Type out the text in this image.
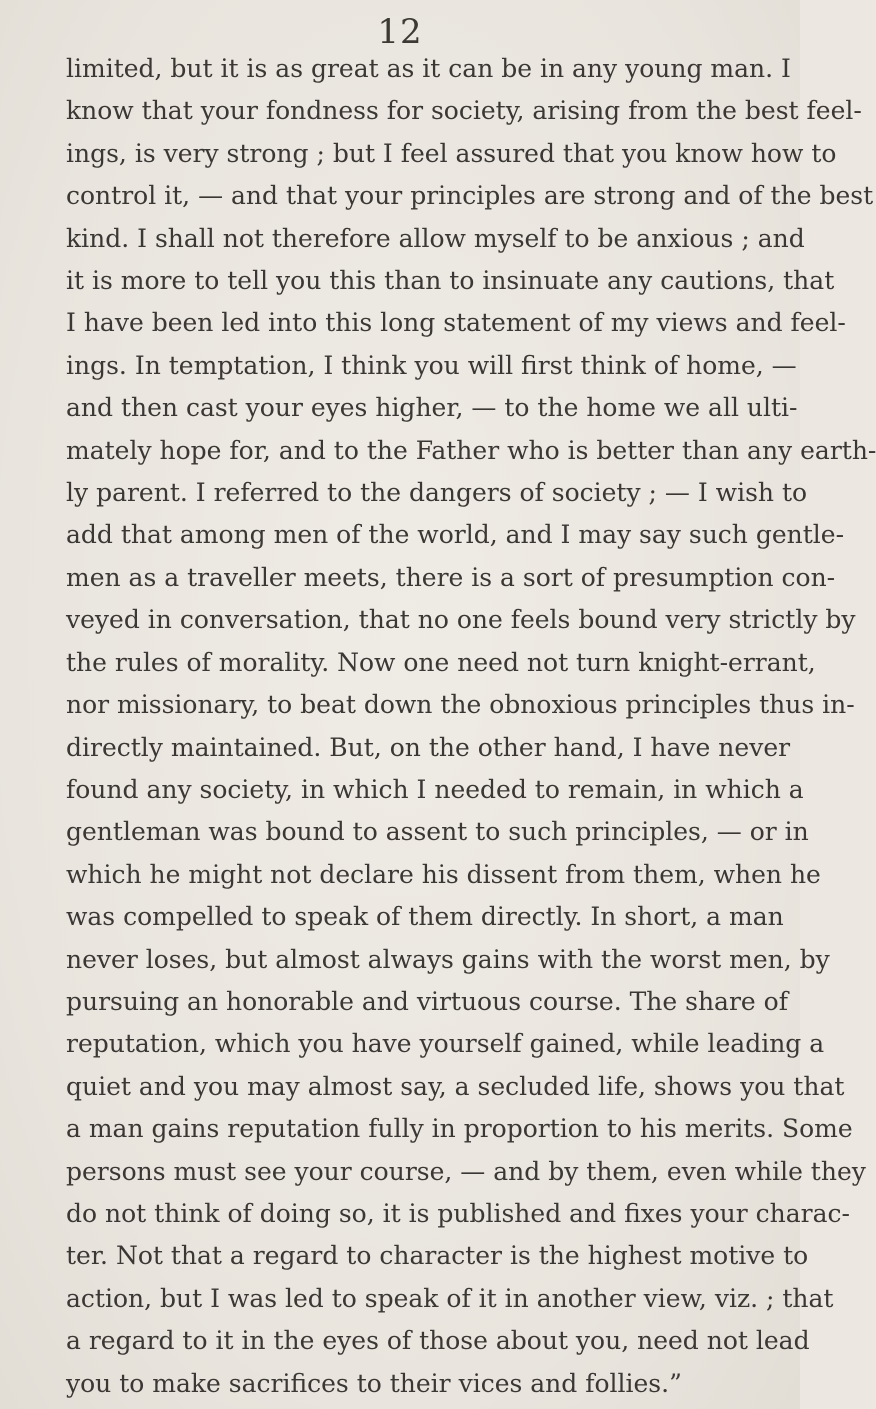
12
limited, but it is as great as it can be in any young man. I
know that your fondness for society, arising from the best feel-
ings, is very strong ; but I feel assured that you know how to
control it, — and that your principles are strong and of the best
kind. I shall not therefore allow myself to be anxious ; and
it is more to tell you this than to insinuate any cautions, that
I have been led into this long statement of my views and feel-
ings. In temptation, I think you will first think of home, —
and then cast your eyes higher, — to the home we all ulti-
mately hope for, and to the Father who is better than any earth-
ly parent. I referred to the dangers of society ; — I wish to
add that among men of the world, and I may say such gentle-
men as a traveller meets, there is a sort of presumption con-
veyed in conversation, that no one feels bound very strictly by
the rules of morality. Now one need not turn knight-errant,
nor missionary, to beat down the obnoxious principles thus in-
directly maintained. But, on the other hand, I have never
found any society, in which I needed to remain, in which a
gentleman was bound to assent to such principles, — or in
which he might not declare his dissent from them, when he
was compelled to speak of them directly. In short, a man
never loses, but almost always gains with the worst men, by
pursuing an honorable and virtuous course. The share of
reputation, which you have yourself gained, while leading a
quiet and you may almost say, a secluded life, shows you that
a man gains reputation fully in proportion to his merits. Some
persons must see your course, — and by them, even while they
do not think of doing so, it is published and fixes your charac-
ter. Not that a regard to character is the highest motive to
action, but I was led to speak of it in another view, viz. ; that
a regard to it in the eyes of those about you, need not lead
you to make sacrifices to their vices and follies.”
